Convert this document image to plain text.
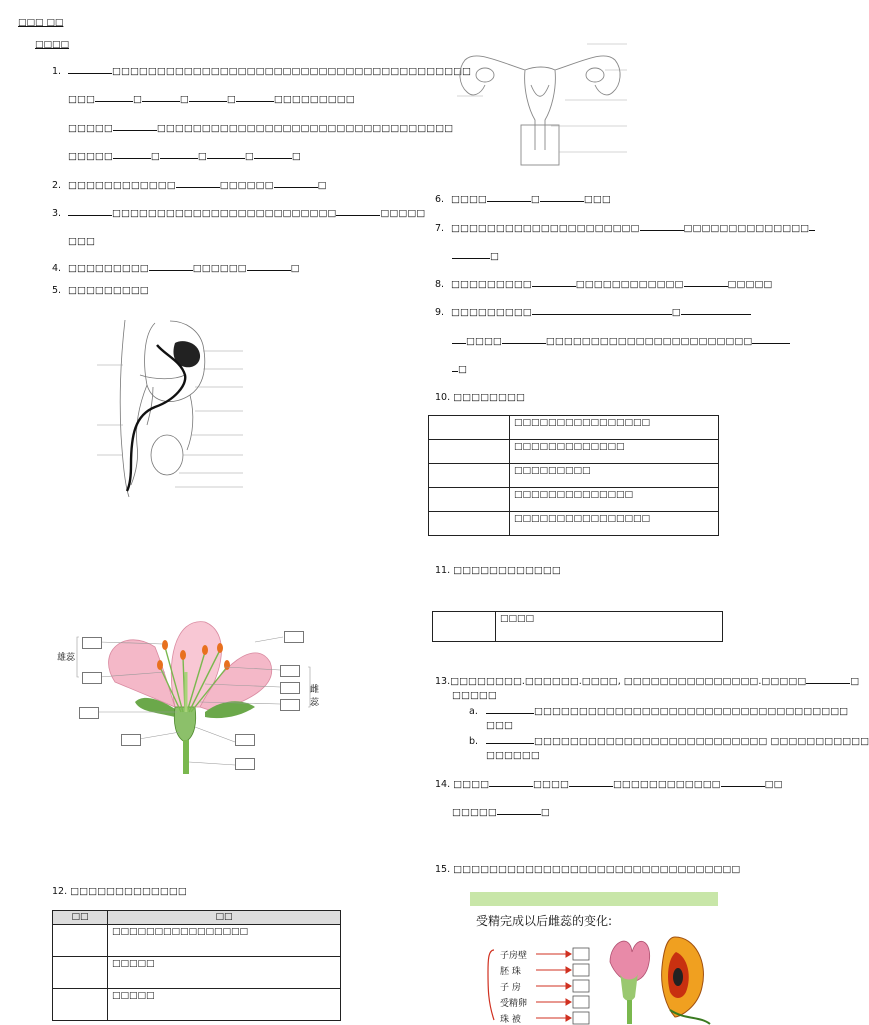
□□□ □□
□□□□
1.	□□□□□□□□□□□□□□□□□□□□□□□□□□□□□□□□□□□□□□□□
□□□	□	□	□	□□□□□□□□□
□□□□□	□□□□□□□□□□□□□□□□□□□□□□□□□□□□□□□□□
□□□□□	□	□	□	□
2. □□□□□□□□□□□□	□□□□□□	□
3.	□□□□□□□□□□□□□□□□□□□□□□□□□	□□□□□
□□□
4. □□□□□□□□□	□□□□□□	□
5. □□□□□□□□□
雄蕊
雌蕊
12. □□□□□□□□□□□□□
□□	□□
	□□□□□□□□□□□□□□□□
	□□□□□
	□□□□□
6. □□□□	□	□□□
7. □□□□□□□□□□□□□□□□□□□□□	□□□□□□□□□□□□□□
□
8. □□□□□□□□□	□□□□□□□□□□□□	□□□□□
9. □□□□□□□□□	□
□□□□	□□□□□□□□□□□□□□□□□□□□□□□
□
10. □□□□□□□□
	□□□□□□□□□□□□□□□□
	□□□□□□□□□□□□□
	□□□□□□□□□
	□□□□□□□□□□□□□□
	□□□□□□□□□□□□□□□□
11. □□□□□□□□□□□□
	□□□□
13.□□□□□□□□.□□□□□□.□□□□, □□□□□□□□□□□□□□□.□□□□□	□
□□□□□
a.	□□□□□□□□□□□□□□□□□□□□□□□□□□□□□□□□□□□
□□□
b.	□□□□□□□□□□□□□□□□□□□□□□□□□□ □□□□□□□□□□□
□□□□□□
14. □□□□	□□□□	□□□□□□□□□□□□	□□
□□□□□	□
15. □□□□□□□□□□□□□□□□□□□□□□□□□□□□□□□□
受精完成以后雌蕊的变化:
子房壁
胚 珠
子 房
受精卵
珠 被
